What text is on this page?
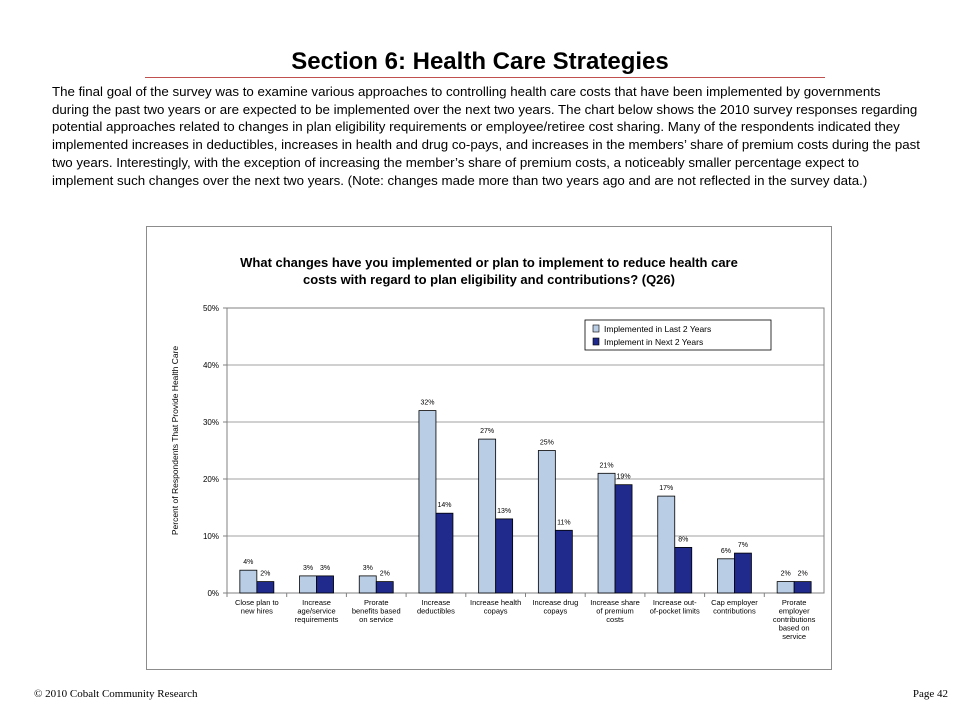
Section 6: Health Care Strategies
The final goal of the survey was to examine various approaches to controlling health care costs that have been implemented by governments during the past two years or are expected to be implemented over the next two years. The chart below shows the 2010 survey responses regarding potential approaches related to changes in plan eligibility requirements or employee/retiree cost sharing. Many of the respondents indicated they implemented increases in deductibles, increases in health and drug co-pays, and increases in the members’ share of premium costs during the past two years. Interestingly, with the exception of increasing the member’s share of premium costs, a noticeably smaller percentage expect to implement such changes over the next two years. (Note: changes made more than two years ago and are not reflected in the survey data.)
What changes have you implemented or plan to implement to reduce health care
costs with regard to plan eligibility and contributions? (Q26)
0%
10%
20%
30%
40%
50%
Percent of Respondents That Provide Health Care
4%
2%
Close plan to
new hires
3% 3%
Increase
age/service
requirements
3%
2%
Prorate
benefits based
on service
32%
14%
Increase
deductibles
27%
13%
Increase health
copays
25%
11%
Increase drug
copays
21%
19%
Increase share
of premium
costs
17%
8%
Increase out-
of-pocket limits
6%
7%
Cap employer
contributions
2% 2%
Prorate
employer
contributions
based on
service
Implemented in Last 2 Years
Implement in Next 2 Years
© 2010 Cobalt Community Research	Page 42
